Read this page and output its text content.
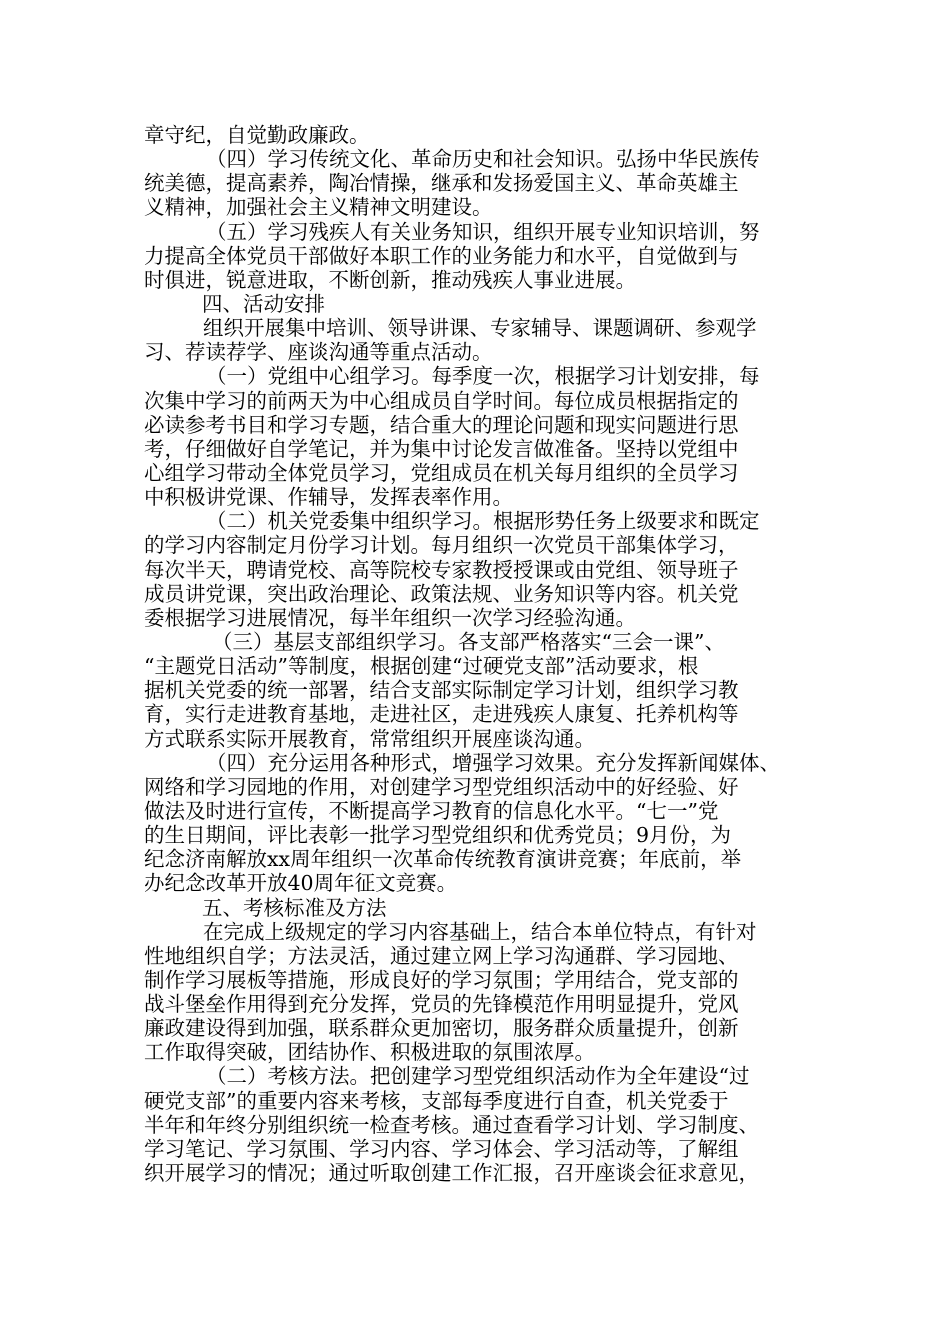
章守纪，自觉勤政廉政。
（四）学习传统文化、革命历史和社会知识。弘扬中华民族传
统美德，提高素养，陶冶情操，继承和发扬爱国主义、革命英雄主
义精神，加强社会主义精神文明建设。
（五）学习残疾人有关业务知识，组织开展专业知识培训，努
力提高全体党员干部做好本职工作的业务能力和水平，自觉做到与
时俱进，锐意进取，不断创新，推动残疾人事业进展。
四、活动安排
组织开展集中培训、领导讲课、专家辅导、课题调研、参观学
习、荐读荐学、座谈沟通等重点活动。
（一）党组中心组学习。每季度一次，根据学习计划安排，每
次集中学习的前两天为中心组成员自学时间。每位成员根据指定的
必读参考书目和学习专题，结合重大的理论问题和现实问题进行思
考，仔细做好自学笔记，并为集中讨论发言做准备。坚持以党组中
心组学习带动全体党员学习，党组成员在机关每月组织的全员学习
中积极讲党课、作辅导，发挥表率作用。
（二）机关党委集中组织学习。根据形势任务上级要求和既定
的学习内容制定月份学习计划。每月组织一次党员干部集体学习，
每次半天，聘请党校、高等院校专家教授授课或由党组、领导班子
成员讲党课，突出政治理论、政策法规、业务知识等内容。机关党
委根据学习进展情况，每半年组织一次学习经验沟通。
（三）基层支部组织学习。各支部严格落实“三会一课”、
“主题党日活动”等制度，根据创建“过硬党支部”活动要求，根
据机关党委的统一部署，结合支部实际制定学习计划，组织学习教
育，实行走进教育基地，走进社区，走进残疾人康复、托养机构等
方式联系实际开展教育，常常组织开展座谈沟通。
（四）充分运用各种形式，增强学习效果。充分发挥新闻媒体、
网络和学习园地的作用，对创建学习型党组织活动中的好经验、好
做法及时进行宣传，不断提高学习教育的信息化水平。“七一”党
的生日期间，评比表彰一批学习型党组织和优秀党员；9月份，为
纪念济南解放xx周年组织一次革命传统教育演讲竞赛；年底前，举
办纪念改革开放40周年征文竞赛。
五、考核标准及方法
在完成上级规定的学习内容基础上，结合本单位特点，有针对
性地组织自学；方法灵活，通过建立网上学习沟通群、学习园地、
制作学习展板等措施，形成良好的学习氛围；学用结合，党支部的
战斗堡垒作用得到充分发挥，党员的先锋模范作用明显提升，党风
廉政建设得到加强，联系群众更加密切，服务群众质量提升，创新
工作取得突破，团结协作、积极进取的氛围浓厚。
（二）考核方法。把创建学习型党组织活动作为全年建设“过
硬党支部”的重要内容来考核，支部每季度进行自查，机关党委于
半年和年终分别组织统一检查考核。通过查看学习计划、学习制度、
学习笔记、学习氛围、学习内容、学习体会、学习活动等，了解组
织开展学习的情况；通过听取创建工作汇报，召开座谈会征求意见，
